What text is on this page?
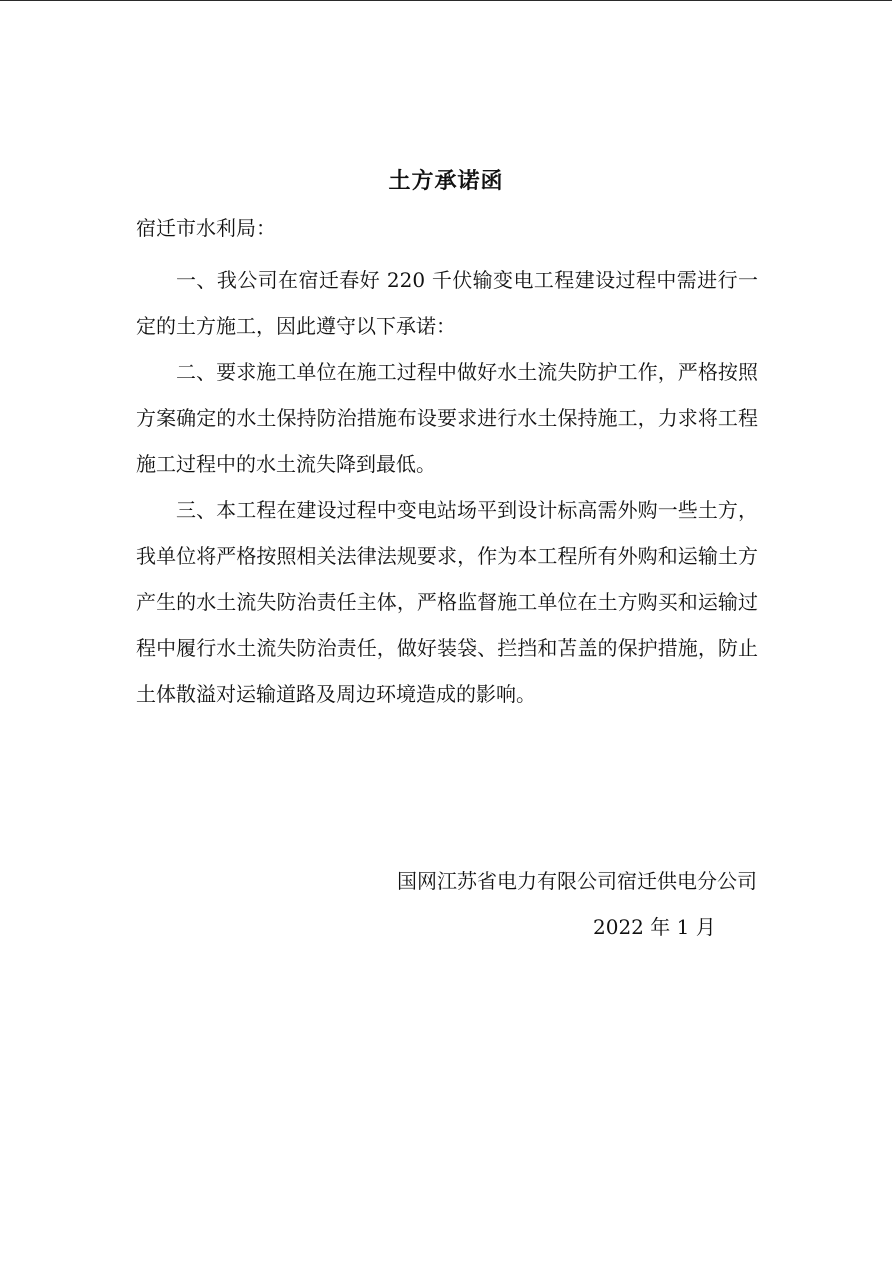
土方承诺函
宿迁市水利局：

一、我公司在宿迁春好 220 千伏输变电工程建设过程中需进行一定的土方施工，因此遵守以下承诺：

二、要求施工单位在施工过程中做好水土流失防护工作，严格按照方案确定的水土保持防治措施布设要求进行水土保持施工，力求将工程施工过程中的水土流失降到最低。

三、本工程在建设过程中变电站场平到设计标高需外购一些土方，我单位将严格按照相关法律法规要求，作为本工程所有外购和运输土方产生的水土流失防治责任主体，严格监督施工单位在土方购买和运输过程中履行水土流失防治责任，做好装袋、拦挡和苫盖的保护措施，防止土体散溢对运输道路及周边环境造成的影响。

国网江苏省电力有限公司宿迁供电分公司
2022 年 1 月
